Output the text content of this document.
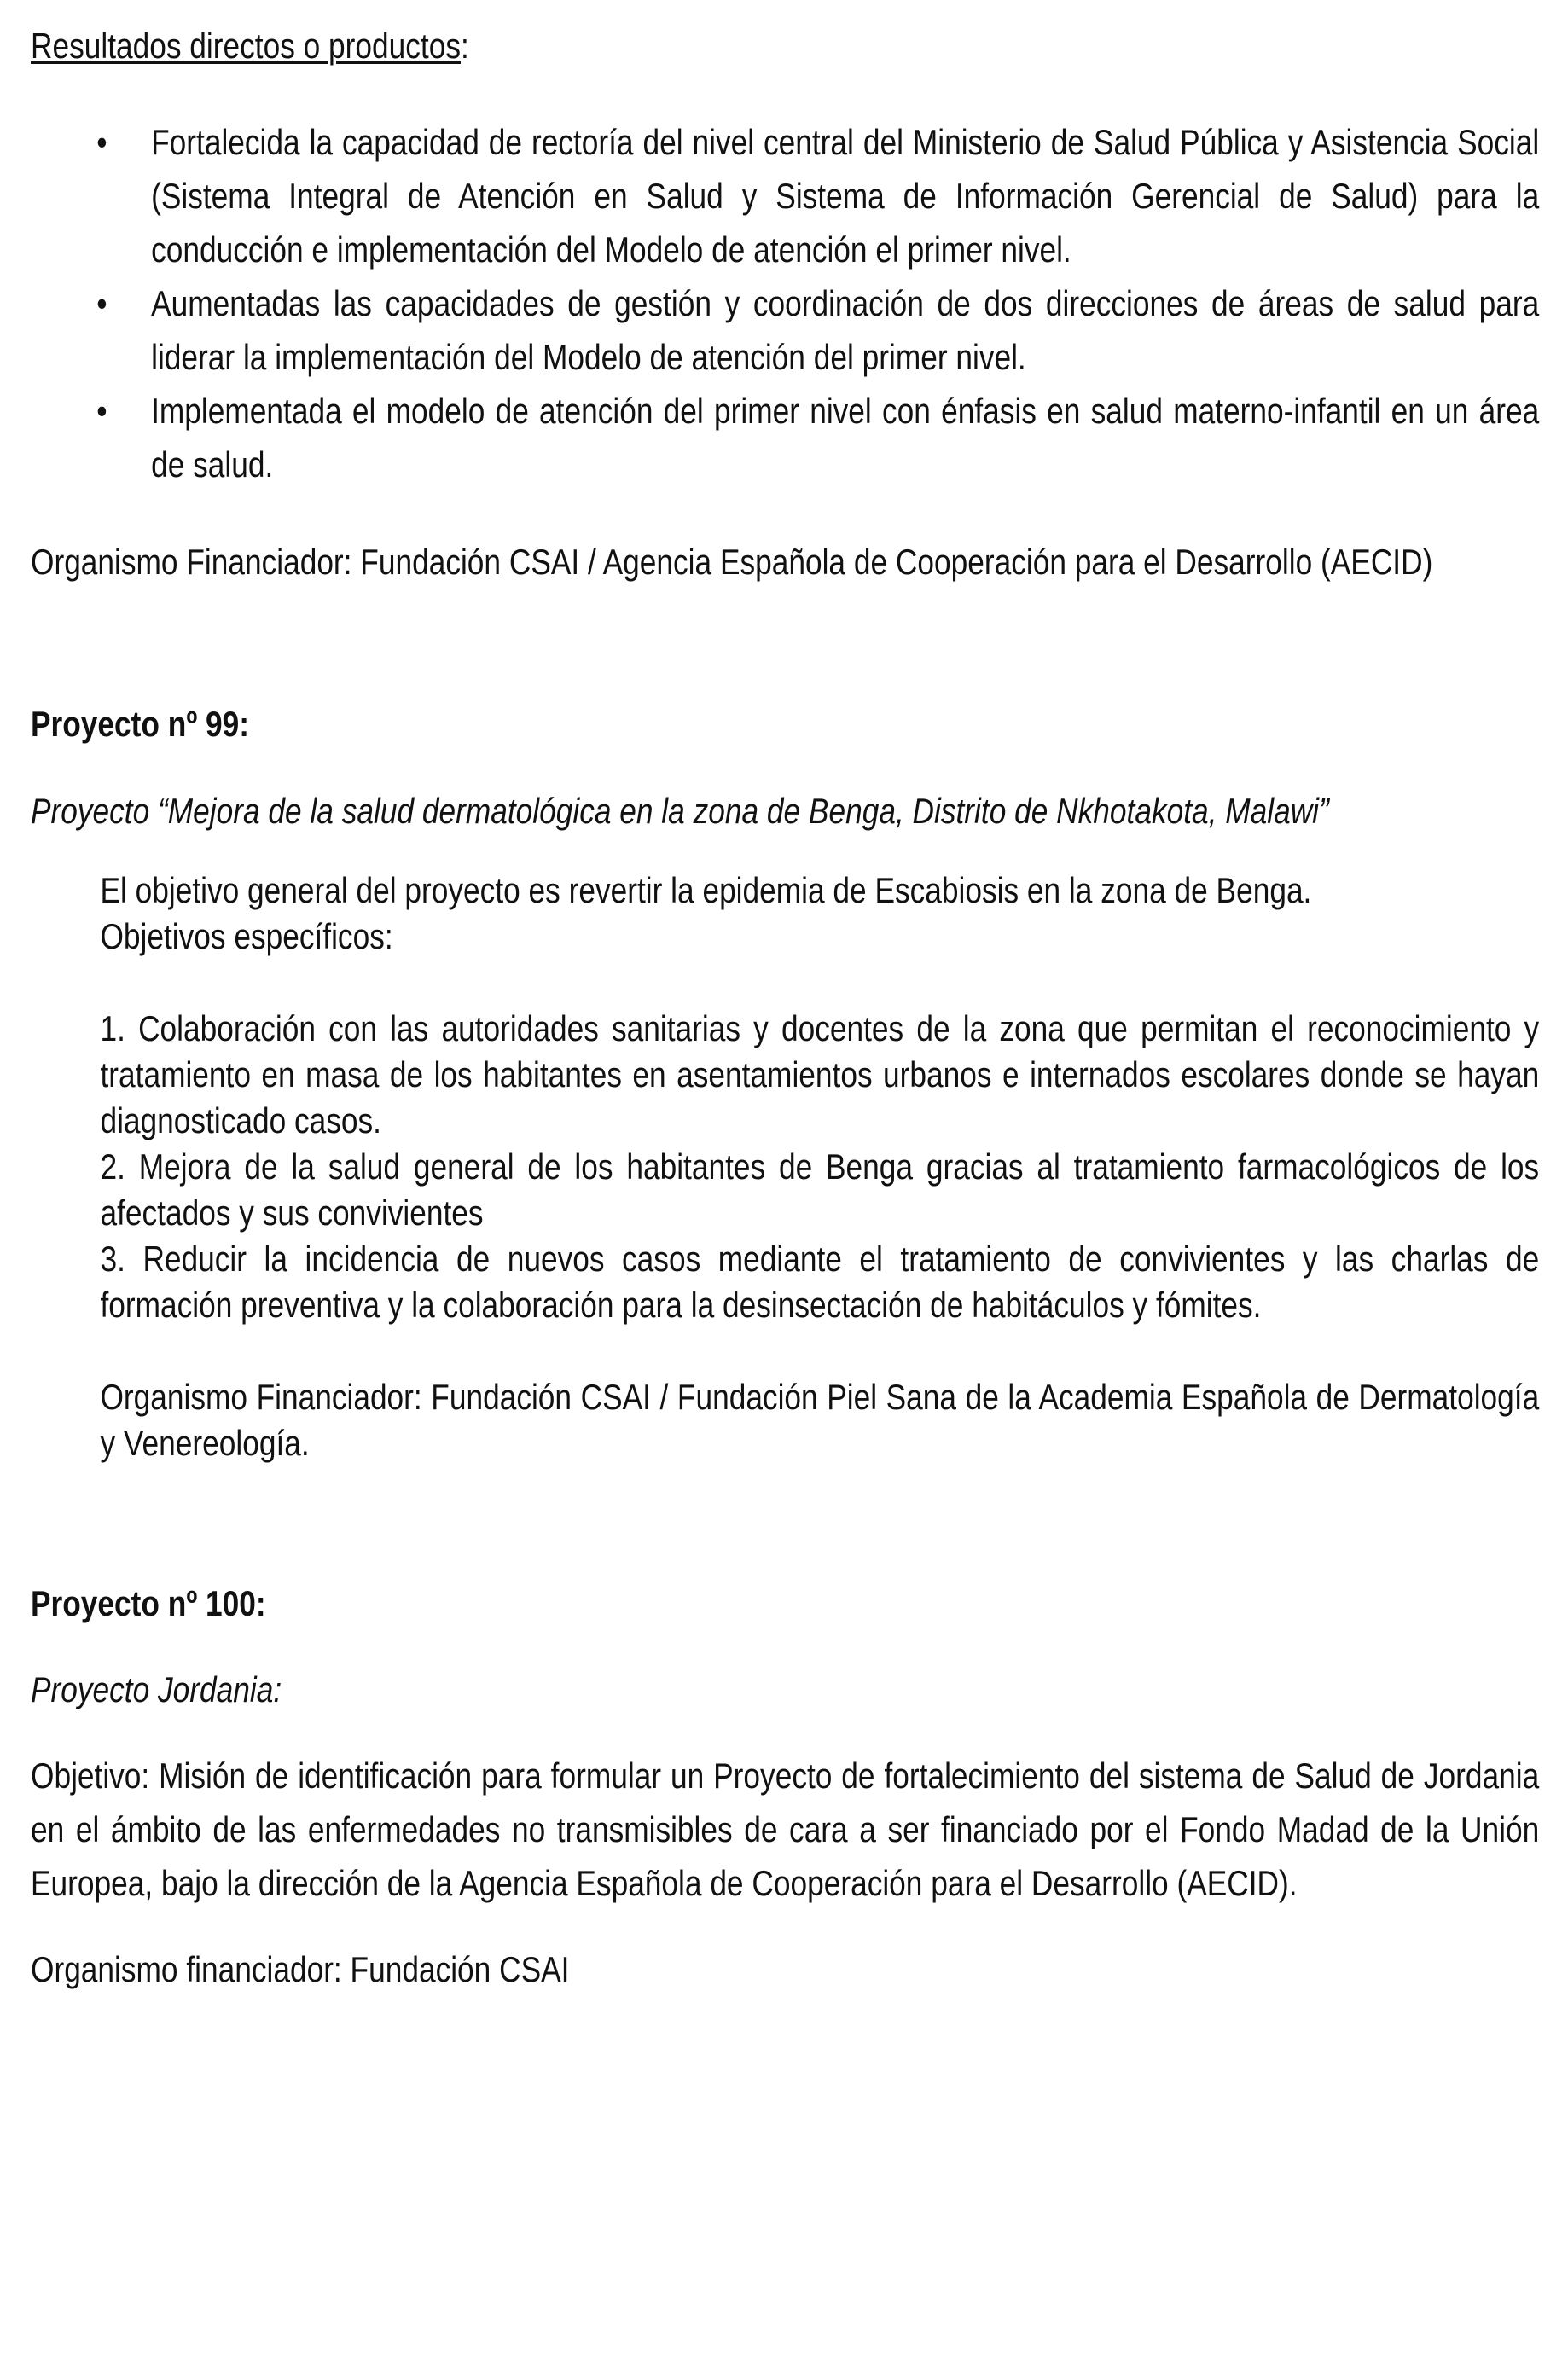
Resultados directos o productos:

• Fortalecida la capacidad de rectoría del nivel central del Ministerio de Salud Pública y Asistencia Social (Sistema Integral de Atención en Salud y Sistema de Información Gerencial de Salud) para la conducción e implementación del Modelo de atención el primer nivel.
• Aumentadas las capacidades de gestión y coordinación de dos direcciones de áreas de salud para liderar la implementación del Modelo de atención del primer nivel.
• Implementada el modelo de atención del primer nivel con énfasis en salud materno-infantil en un área de salud.

Organismo Financiador: Fundación CSAI / Agencia Española de Cooperación para el Desarrollo (AECID)

Proyecto nº 99:

Proyecto “Mejora de la salud dermatológica en la zona de Benga, Distrito de Nkhotakota, Malawi”

El objetivo general del proyecto es revertir la epidemia de Escabiosis en la zona de Benga.

Objetivos específicos:

1. Colaboración con las autoridades sanitarias y docentes de la zona que permitan el reconocimiento y tratamiento en masa de los habitantes en asentamientos urbanos e internados escolares donde se hayan diagnosticado casos.

2. Mejora de la salud general de los habitantes de Benga gracias al tratamiento farmacológicos de los afectados y sus convivientes

3. Reducir la incidencia de nuevos casos mediante el tratamiento de convivientes y las charlas de formación preventiva y la colaboración para la desinsectación de habitáculos y fómites.

Organismo Financiador: Fundación CSAI / Fundación Piel Sana de la Academia Española de Dermatología y Venereología.

Proyecto nº 100:

Proyecto Jordania:

Objetivo: Misión de identificación para formular un Proyecto de fortalecimiento del sistema de Salud de Jordania en el ámbito de las enfermedades no transmisibles de cara a ser financiado por el Fondo Madad de la Unión Europea, bajo la dirección de la Agencia Española de Cooperación para el Desarrollo (AECID).

Organismo financiador: Fundación CSAI
